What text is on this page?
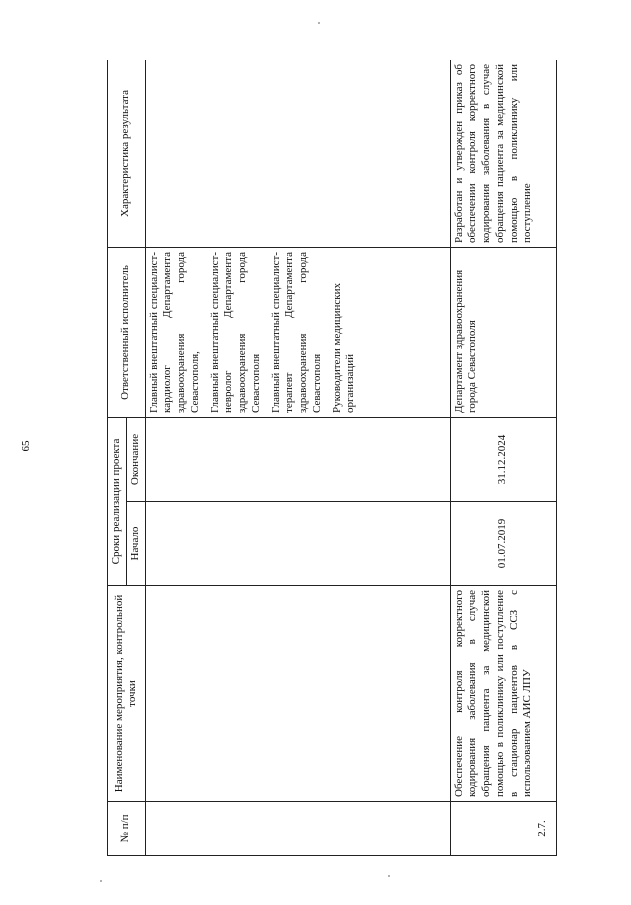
65
№ п/п	Наименование мероприятия, контрольной точки	Сроки реализации проекта		Ответственный исполнитель	Характеристика результата
		Начало	Окончание		

				Главный внештатный специалист-кардиолог Департамента здравоохранения города Севастополя, Главный внештатный специалист-невролог Департамента здравоохранения города Севастополя Главный внештатный специалист-терапевт Департамента здравоохранения города Севастополя Руководители медицинских организаций	

2.7.	Обеспечение контроля корректного кодирования заболевания в случае обращения пациента за медицинской помощью в поликлинику или поступление в стационар пациентов в ССЗ с использованием АИС ЛПУ	01.07.2019	31.12.2024	Департамент здравоохранения города Севастополя	Разработан и утвержден приказ об обеспечении контроля корректного кодирования заболевания в случае обращения пациента за медицинской помощью в поликлинику или поступление
